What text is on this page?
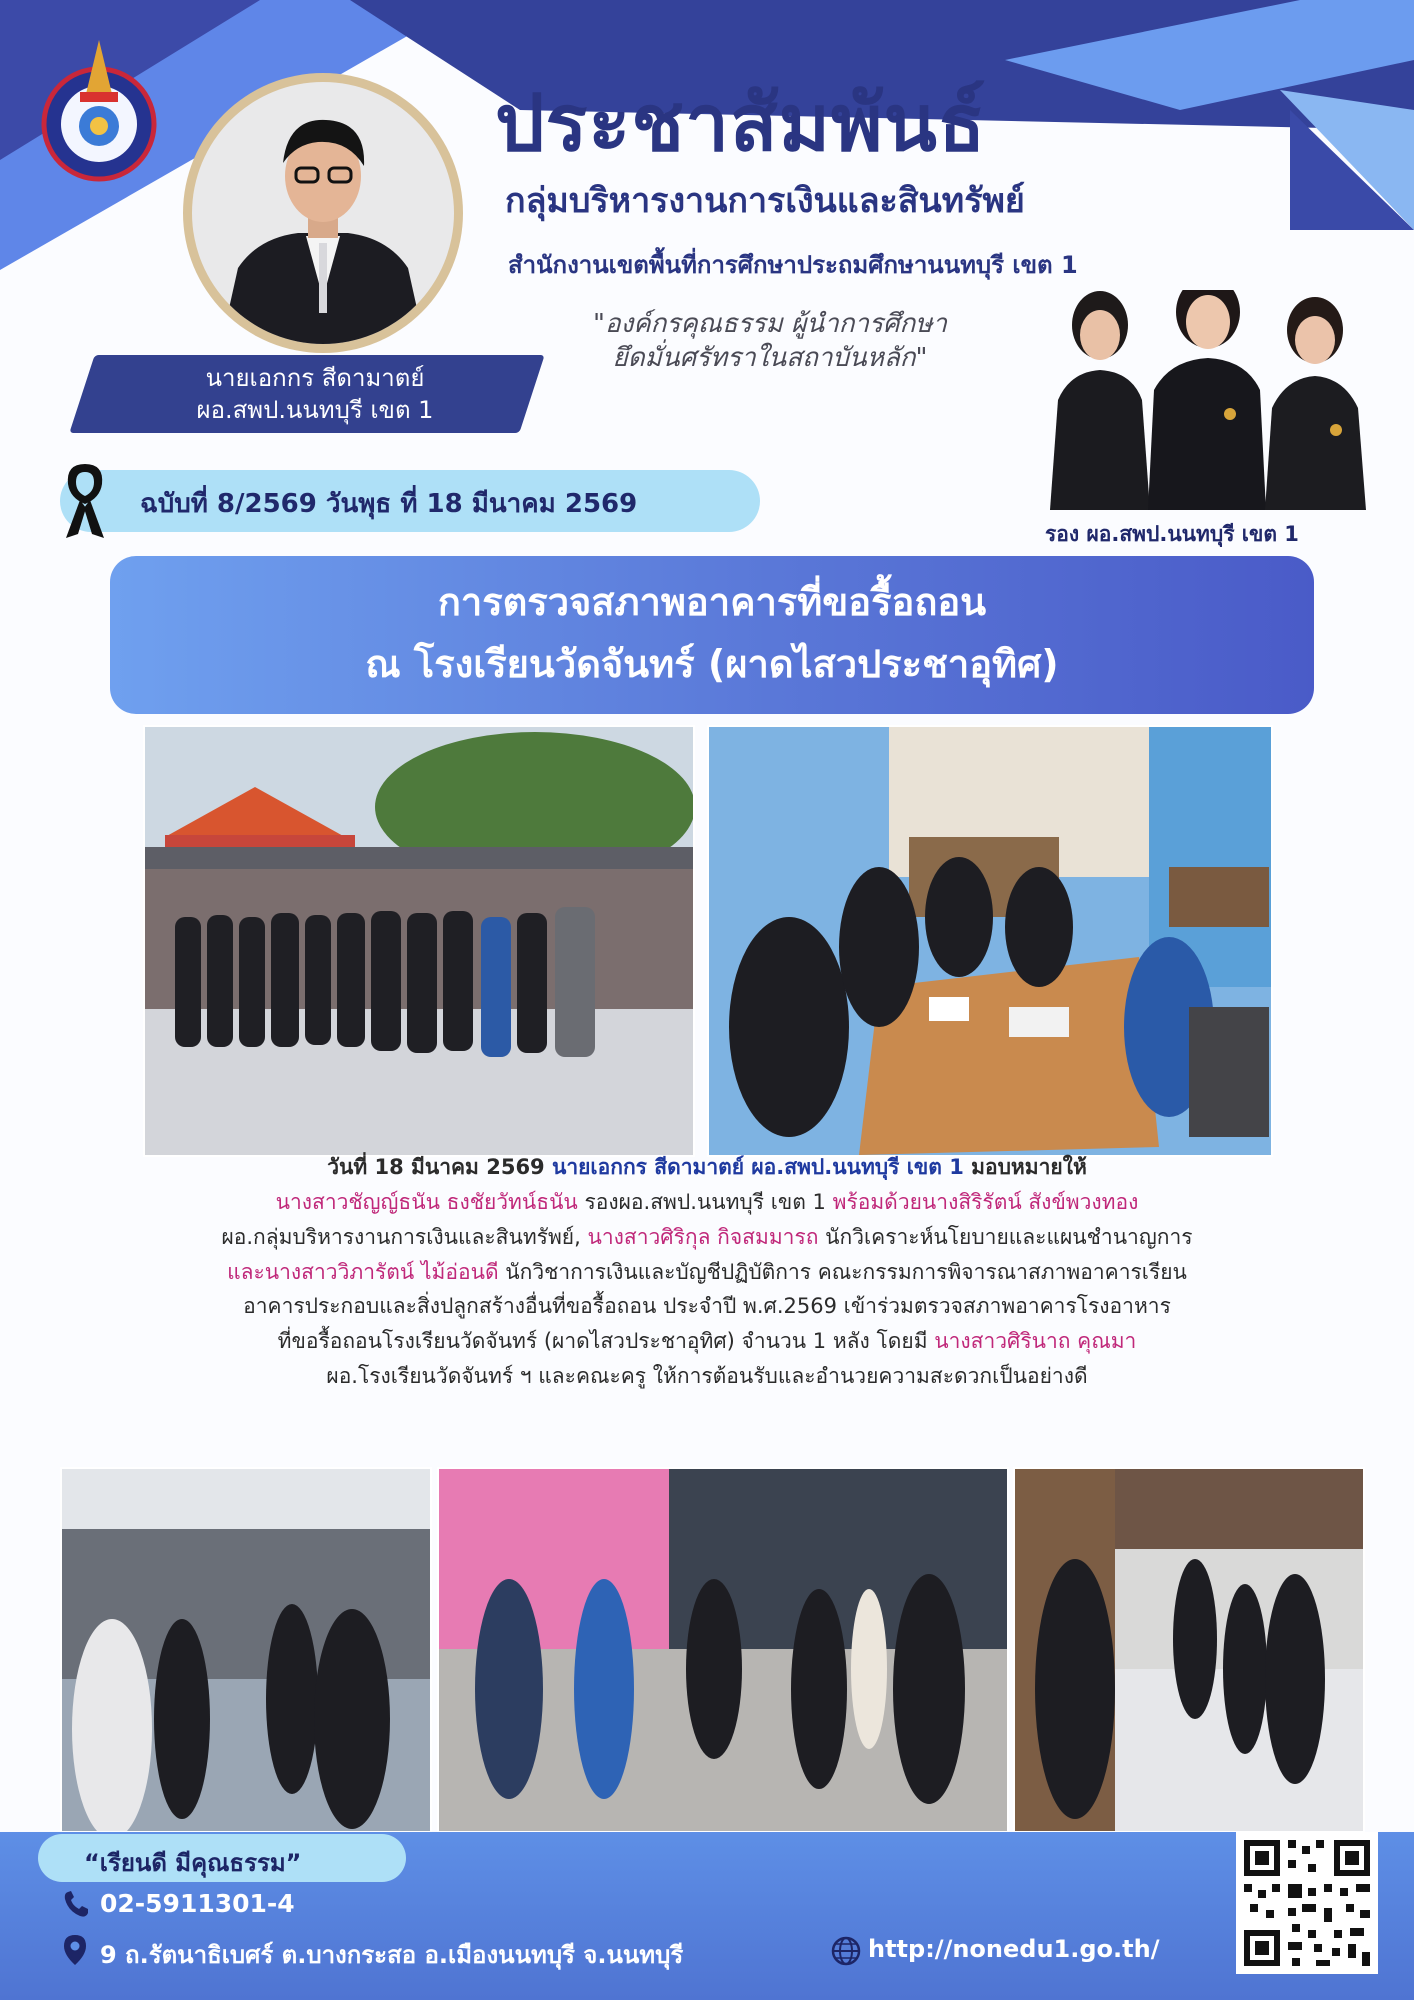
ประชาสัมพันธ์
กลุ่มบริหารงานการเงินและสินทรัพย์
สำนักงานเขตพื้นที่การศึกษาประถมศึกษานนทบุรี เขต 1
"องค์กรคุณธรรม ผู้นำการศึกษา
ยึดมั่นศรัทราในสถาบันหลัก"
นายเอกกร สีดามาตย์
ผอ.สพป.นนทบุรี เขต 1
รอง ผอ.สพป.นนทบุรี เขต 1
ฉบับที่ 8/2569 วันพุธ ที่ 18 มีนาคม 2569
การตรวจสภาพอาคารที่ขอรื้อถอน
ณ โรงเรียนวัดจันทร์ (ผาดไสวประชาอุทิศ)
วันที่ 18 มีนาคม 2569 นายเอกกร สีดามาตย์ ผอ.สพป.นนทบุรี เขต 1 มอบหมายให้
นางสาวชัญญ์ธนัน ธงชัยวัทน์ธนัน รองผอ.สพป.นนทบุรี เขต 1 พร้อมด้วยนางสิริรัตน์ สังข์พวงทอง
ผอ.กลุ่มบริหารงานการเงินและสินทรัพย์, นางสาวศิริกุล กิจสมมารถ นักวิเคราะห์นโยบายและแผนชำนาญการ
และนางสาววิภารัตน์ ไม้อ่อนดี นักวิชาการเงินและบัญชีปฏิบัติการ คณะกรรมการพิจารณาสภาพอาคารเรียน
อาคารประกอบและสิ่งปลูกสร้างอื่นที่ขอรื้อถอน ประจำปี พ.ศ.2569 เข้าร่วมตรวจสภาพอาคารโรงอาหาร
ที่ขอรื้อถอนโรงเรียนวัดจันทร์ (ผาดไสวประชาอุทิศ) จำนวน 1 หลัง โดยมี นางสาวศิรินาถ คุณมา
ผอ.โรงเรียนวัดจันทร์ ฯ และคณะครู ให้การต้อนรับและอำนวยความสะดวกเป็นอย่างดี
“เรียนดี มีคุณธรรม”
02-5911301-4
9 ถ.รัตนาธิเบศร์ ต.บางกระสอ อ.เมืองนนทบุรี จ.นนทบุรี	http://nonedu1.go.th/
